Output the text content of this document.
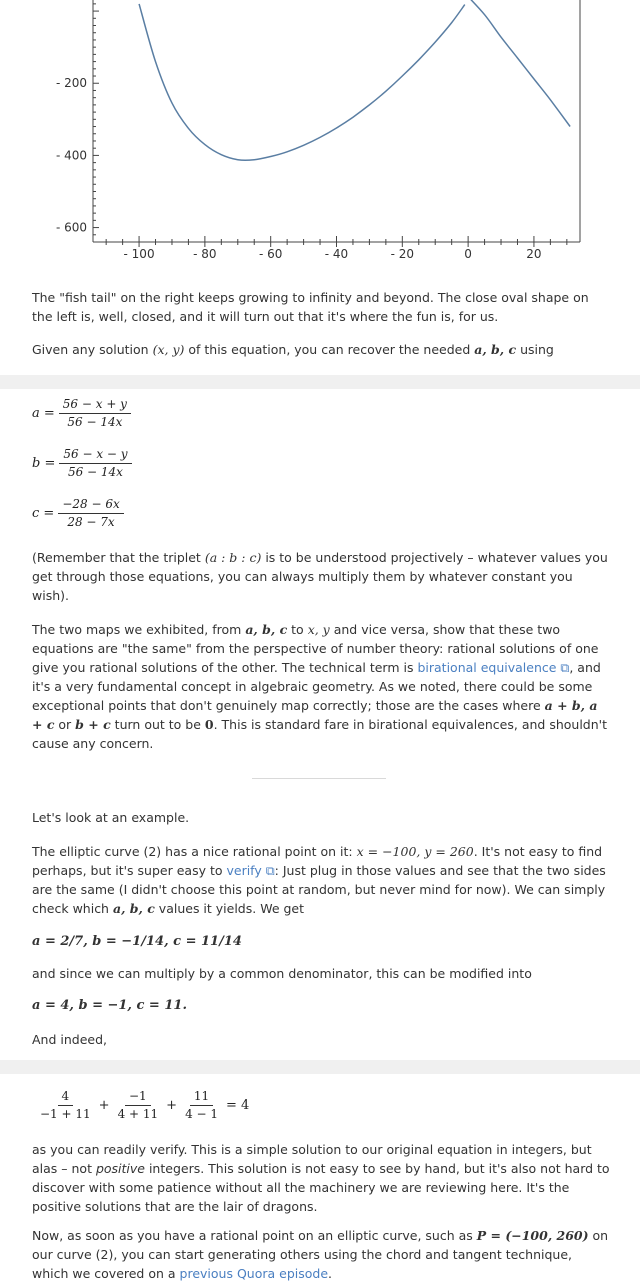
- 100	- 80	- 60	- 40	- 20	0	20
- 200
- 400
- 600
The "fish tail" on the right keeps growing to infinity and beyond. The close oval shape on the left is, well, closed, and it will turn out that it's where the fun is, for us.
Given any solution (x, y) of this equation, you can recover the needed a, b, c using
$a = \frac{56 - x + y}{56 - 14x}$
$b = \frac{56 - x - y}{56 - 14x}$
$c = \frac{-28 - 6x}{28 - 7x}$
(Remember that the triplet (a : b : c) is to be understood projectively – whatever values you get through those equations, you can always multiply them by whatever constant you wish).
The two maps we exhibited, from a, b, c to x, y and vice versa, show that these two equations are "the same" from the perspective of number theory: rational solutions of one give you rational solutions of the other. The technical term is birational equivalence ⧉, and it's a very fundamental concept in algebraic geometry. As we noted, there could be some exceptional points that don't genuinely map correctly; those are the cases where a + b, a + c or b + c turn out to be 0. This is standard fare in birational equivalences, and shouldn't cause any concern.
Let's look at an example.
The elliptic curve (2) has a nice rational point on it: x = −100, y = 260. It's not easy to find perhaps, but it's super easy to verify ⧉: Just plug in those values and see that the two sides are the same (I didn't choose this point at random, but never mind for now). We can simply check which a, b, c values it yields. We get
a = 2/7, b = −1/14, c = 11/14
and since we can multiply by a common denominator, this can be modified into
a = 4, b = −1, c = 11.
And indeed,
$\frac{4}{-1 + 11} + \frac{-1}{4 + 11} + \frac{11}{4 - 1} = 4$
as you can readily verify. This is a simple solution to our original equation in integers, but alas – not positive integers. This solution is not easy to see by hand, but it's also not hard to discover with some patience without all the machinery we are reviewing here. It's the positive solutions that are the lair of dragons.
Now, as soon as you have a rational point on an elliptic curve, such as P = (−100, 260) on our curve (2), you can start generating others using the chord and tangent technique, which we covered on a previous Quora episode.
